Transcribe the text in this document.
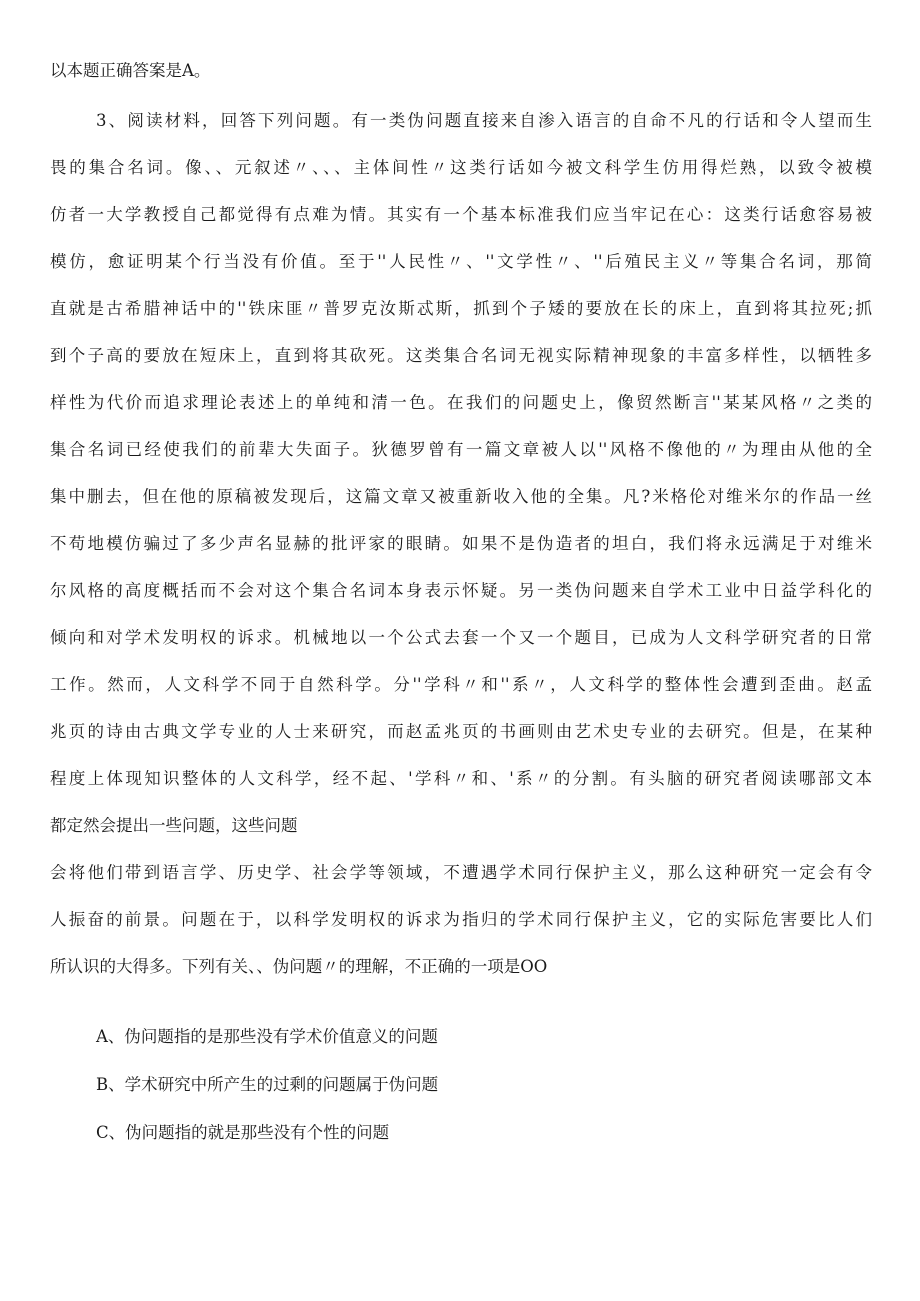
以本题正确答案是A。
3、阅读材料，回答下列问题。有一类伪问题直接来自渗入语言的自命不凡的行话和令人望而生
畏的集合名词。像、、元叙述〃、、、主体间性〃这类行话如今被文科学生仿用得烂熟，以致令被模
仿者一大学教授自己都觉得有点难为情。其实有一个基本标准我们应当牢记在心：这类行话愈容易被
模仿，愈证明某个行当没有价值。至于''人民性〃、''文学性〃、''后殖民主义〃等集合名词，那简
直就是古希腊神话中的''铁床匪〃普罗克汝斯忒斯，抓到个子矮的要放在长的床上，直到将其拉死;抓
到个子高的要放在短床上，直到将其砍死。这类集合名词无视实际精神现象的丰富多样性，以牺牲多
样性为代价而追求理论表述上的单纯和清一色。在我们的问题史上，像贸然断言''某某风格〃之类的
集合名词已经使我们的前辈大失面子。狄德罗曾有一篇文章被人以''风格不像他的〃为理由从他的全
集中删去，但在他的原稿被发现后，这篇文章又被重新收入他的全集。凡?米格伦对维米尔的作品一丝
不苟地模仿骗过了多少声名显赫的批评家的眼睛。如果不是伪造者的坦白，我们将永远满足于对维米
尔风格的高度概括而不会对这个集合名词本身表示怀疑。另一类伪问题来自学术工业中日益学科化的
倾向和对学术发明权的诉求。机械地以一个公式去套一个又一个题目，已成为人文科学研究者的日常
工作。然而，人文科学不同于自然科学。分''学科〃和''系〃，人文科学的整体性会遭到歪曲。赵孟
兆页的诗由古典文学专业的人士来研究，而赵孟兆页的书画则由艺术史专业的去研究。但是，在某种
程度上体现知识整体的人文科学，经不起、'学科〃和、'系〃的分割。有头脑的研究者阅读哪部文本
都定然会提出一些问题，这些问题
会将他们带到语言学、历史学、社会学等领域，不遭遇学术同行保护主义，那么这种研究一定会有令
人振奋的前景。问题在于，以科学发明权的诉求为指归的学术同行保护主义，它的实际危害要比人们
所认识的大得多。下列有关、、伪问题〃的理解，不正确的一项是OO
A、伪问题指的是那些没有学术价值意义的问题
B、学术研究中所产生的过剩的问题属于伪问题
C、伪问题指的就是那些没有个性的问题
